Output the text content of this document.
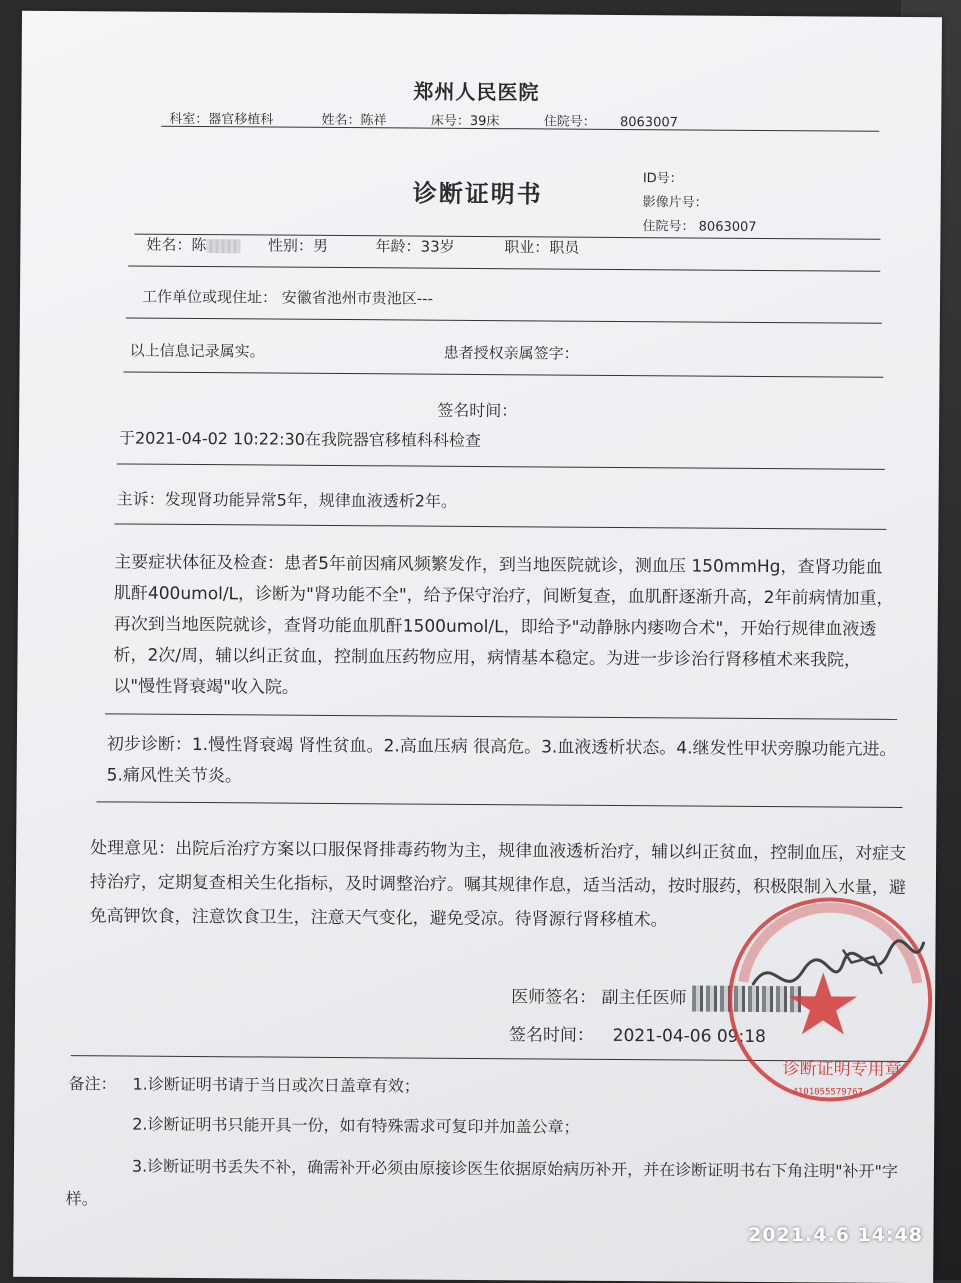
郑州人民医院
科室：器官移植科	姓名：陈祥	床号：39床	住院号： 8063007
诊断证明书
ID号：
影像片号：
住院号： 8063007
姓名：陈	性别：男	年龄：33岁	职业：职员
工作单位或现住址： 安徽省池州市贵池区---
以上信息记录属实。	患者授权亲属签字：
签名时间：
于2021-04-02 10:22:30在我院器官移植科科检查
主诉：发现肾功能异常5年，规律血液透析2年。
主要症状体征及检查：患者5年前因痛风频繁发作，到当地医院就诊，测血压 150mmHg，查肾功能血肌酐400umol/L，诊断为"肾功能不全"，给予保守治疗，间断复查，血肌酐逐渐升高，2年前病情加重，再次到当地医院就诊，查肾功能血肌酐1500umol/L，即给予"动静脉内瘘吻合术"，开始行规律血液透析，2次/周，辅以纠正贫血，控制血压药物应用，病情基本稳定。为进一步诊治行肾移植术来我院，以"慢性肾衰竭"收入院。
初步诊断：1.慢性肾衰竭 肾性贫血。2.高血压病 很高危。3.血液透析状态。4.继发性甲状旁腺功能亢进。5.痛风性关节炎。
处理意见：出院后治疗方案以口服保肾排毒药物为主，规律血液透析治疗，辅以纠正贫血，控制血压，对症支持治疗，定期复查相关生化指标，及时调整治疗。嘱其规律作息，适当活动，按时服药，积极限制入水量，避免高钾饮食，注意饮食卫生，注意天气变化，避免受凉。待肾源行肾移植术。
医师签名： 副主任医师
签名时间： 2021-04-06 09:18
诊断证明专用章
4101055579767
备注： 1.诊断证明书请于当日或次日盖章有效；
2.诊断证明书只能开具一份，如有特殊需求可复印并加盖公章；
3.诊断证明书丢失不补，确需补开必须由原接诊医生依据原始病历补开，并在诊断证明书右下角注明"补开"字样。
2021.4.6 14:48
